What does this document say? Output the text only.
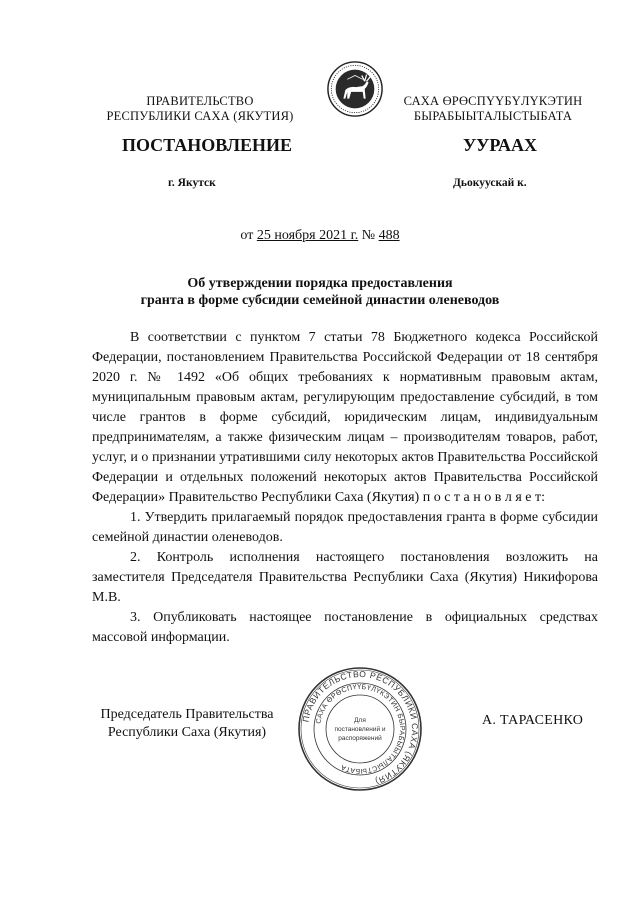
ПРАВИТЕЛЬСТВО
РЕСПУБЛИКИ САХА (ЯКУТИЯ)
САХА ӨРӨСПҮҮБҮЛҮКЭТИН
БЫРАБЫЫТАЛЫСТЫБАТА
ПОСТАНОВЛЕНИЕ	УУРААХ
г. Якутск	Дьокуускай к.
от 25 ноября 2021 г. № 488
Об утверждении порядка предоставления
гранта в форме субсидии семейной династии оленеводов

В соответствии с пунктом 7 статьи 78 Бюджетного кодекса Российской Федерации, постановлением Правительства Российской Федерации от 18 сентября 2020 г. № 1492 «Об общих требованиях к нормативным правовым актам, муниципальным правовым актам, регулирующим предоставление субсидий, в том числе грантов в форме субсидий, юридическим лицам, индивидуальным предпринимателям, а также физическим лицам – производителям товаров, работ, услуг, и о признании утратившими силу некоторых актов Правительства Российской Федерации и отдельных положений некоторых актов Правительства Российской Федерации» Правительство Республики Саха (Якутия) п о с т а н о в л я е т:

1. Утвердить прилагаемый порядок предоставления гранта в форме субсидии семейной династии оленеводов.

2. Контроль исполнения настоящего постановления возложить на заместителя Председателя Правительства Республики Саха (Якутия) Никифорова М.В.

3. Опубликовать настоящее постановление в официальных средствах массовой информации.

Председатель Правительства
Республики Саха (Якутия)
ПРАВИТЕЛЬСТВО РЕСПУБЛИКИ САХА (ЯКУТИЯ)
САХА ӨРӨСПҮҮБҮЛҮКЭТИН БЫРАБЫЫТАЛЫСТЫБАТА
Для
постановлений и
распоряжений
А. ТАРАСЕНКО
